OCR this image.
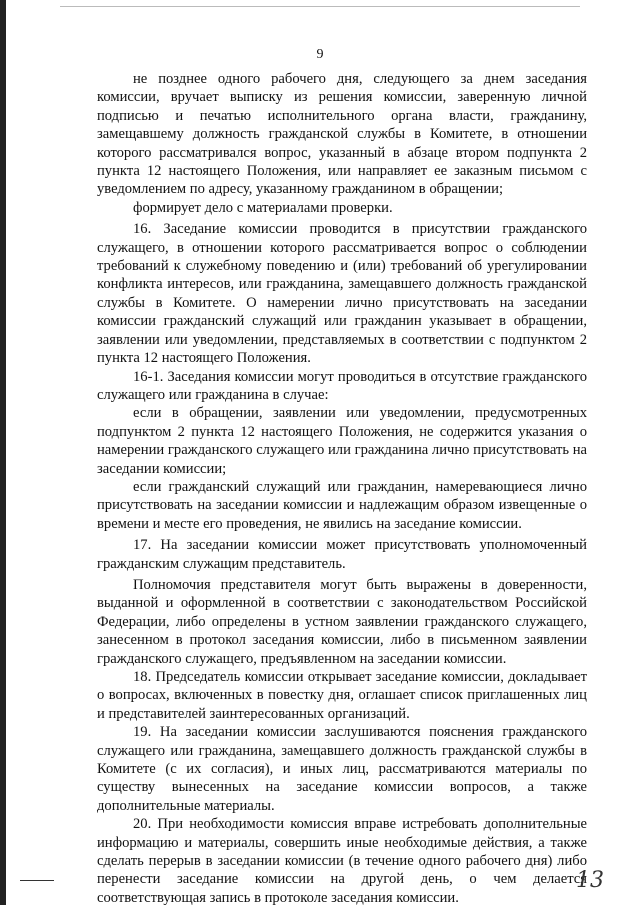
9

не позднее одного рабочего дня, следующего за днем заседания комиссии, вручает выписку из решения комиссии, заверенную личной подписью и печатью исполнительного органа власти, гражданину, замещавшему должность гражданской службы в Комитете, в отношении которого рассматривался вопрос, указанный в абзаце втором подпункта 2 пункта 12 настоящего Положения, или направляет ее заказным письмом с уведомлением по адресу, указанному гражданином в обращении;

формирует дело с материалами проверки.

16. Заседание комиссии проводится в присутствии гражданского служащего, в отношении которого рассматривается вопрос о соблюдении требований к служебному поведению и (или) требований об урегулировании конфликта интересов, или гражданина, замещавшего должность гражданской службы в Комитете. О намерении лично присутствовать на заседании комиссии гражданский служащий или гражданин указывает в обращении, заявлении или уведомлении, представляемых в соответствии с подпунктом 2 пункта 12 настоящего Положения.

16-1. Заседания комиссии могут проводиться в отсутствие гражданского служащего или гражданина в случае:

если в обращении, заявлении или уведомлении, предусмотренных подпунктом 2 пункта 12 настоящего Положения, не содержится указания о намерении гражданского служащего или гражданина лично присутствовать на заседании комиссии;

если гражданский служащий или гражданин, намеревающиеся лично присутствовать на заседании комиссии и надлежащим образом извещенные о времени и месте его проведения, не явились на заседание комиссии.

17. На заседании комиссии может присутствовать уполномоченный гражданским служащим представитель.

Полномочия представителя могут быть выражены в доверенности, выданной и оформленной в соответствии с законодательством Российской Федерации, либо определены в устном заявлении гражданского служащего, занесенном в протокол заседания комиссии, либо в письменном заявлении гражданского служащего, предъявленном на заседании комиссии.

18. Председатель комиссии открывает заседание комиссии, докладывает о вопросах, включенных в повестку дня, оглашает список приглашенных лиц и представителей заинтересованных организаций.

19. На заседании комиссии заслушиваются пояснения гражданского служащего или гражданина, замещавшего должность гражданской службы в Комитете (с их согласия), и иных лиц, рассматриваются материалы по существу вынесенных на заседание комиссии вопросов, а также дополнительные материалы.

20. При необходимости комиссия вправе истребовать дополнительные информацию и материалы, совершить иные необходимые действия, а также сделать перерыв в заседании комиссии (в течение одного рабочего дня) либо перенести заседание комиссии на другой день, о чем делается соответствующая запись в протоколе заседания комиссии.

13
